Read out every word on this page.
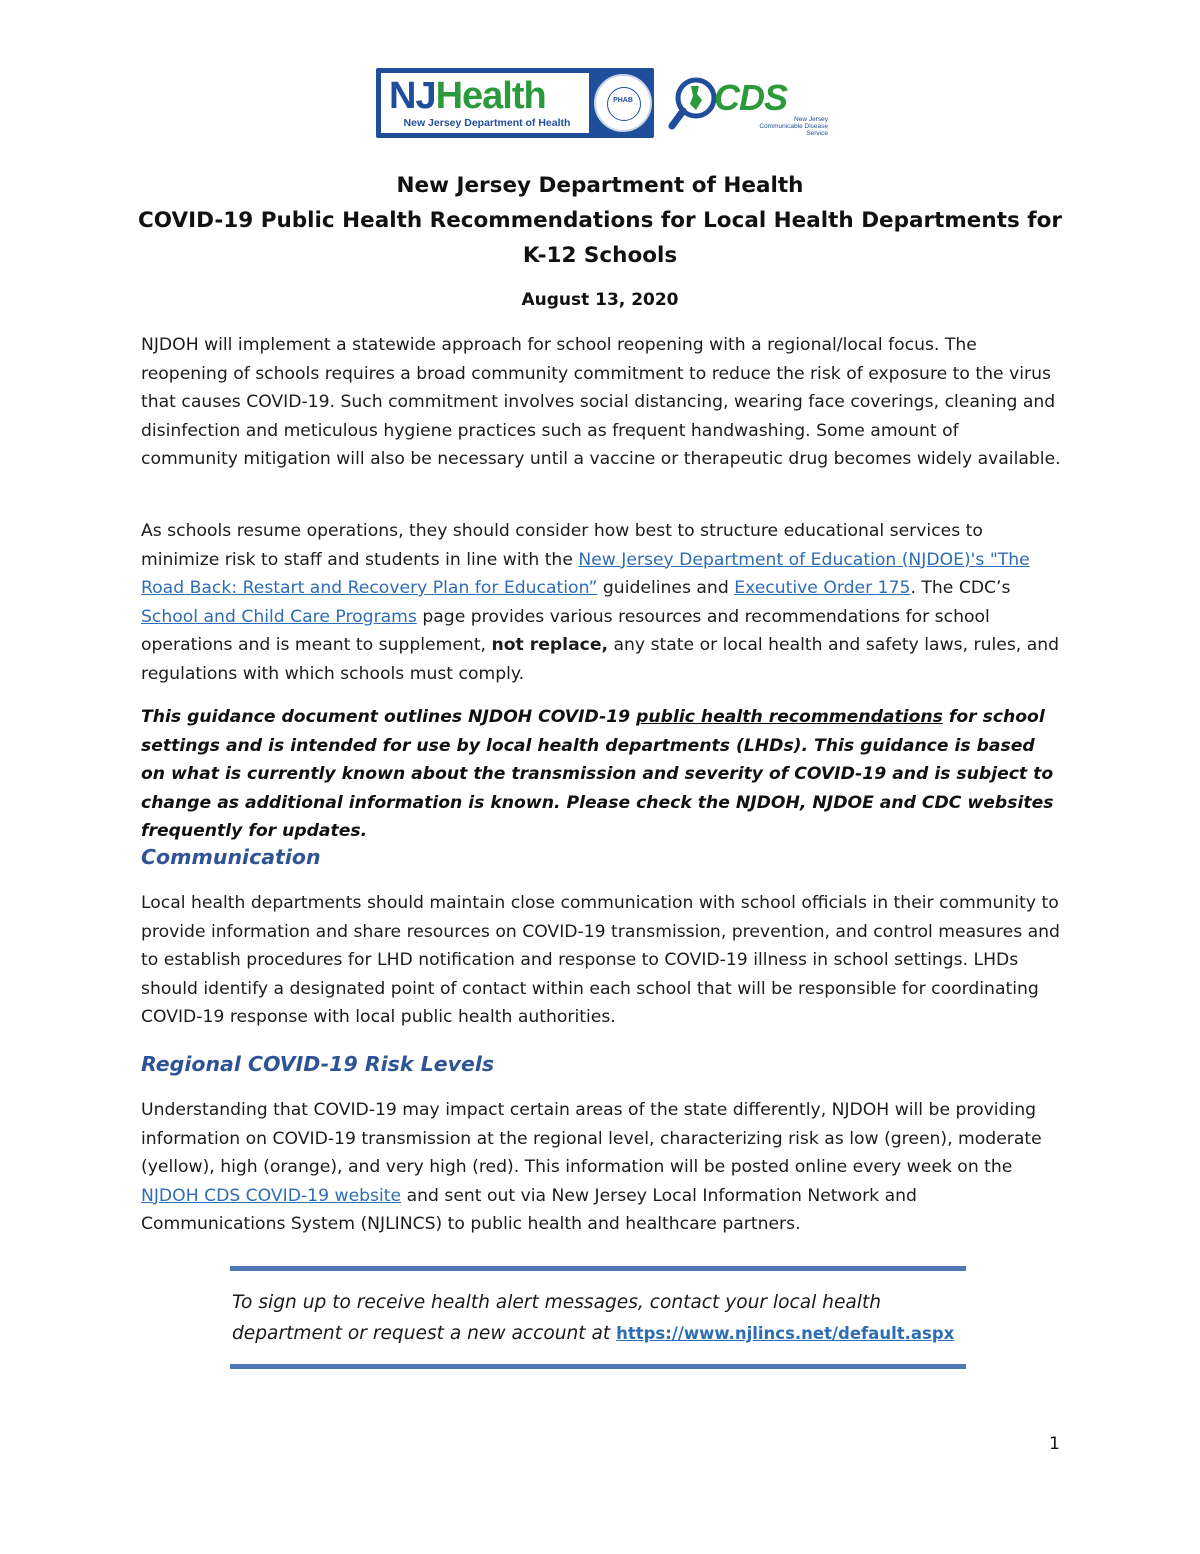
NJHealth
New Jersey Department of Health
PHAB	CDS
New Jersey
Communicable Disease Service
New Jersey Department of Health
COVID-19 Public Health Recommendations for Local Health Departments for
K-12 Schools
August 13, 2020
NJDOH will implement a statewide approach for school reopening with a regional/local focus. The reopening of schools requires a broad community commitment to reduce the risk of exposure to the virus that causes COVID-19. Such commitment involves social distancing, wearing face coverings, cleaning and disinfection and meticulous hygiene practices such as frequent handwashing. Some amount of community mitigation will also be necessary until a vaccine or therapeutic drug becomes widely available.
As schools resume operations, they should consider how best to structure educational services to minimize risk to staff and students in line with the New Jersey Department of Education (NJDOE)'s "The Road Back: Restart and Recovery Plan for Education” guidelines and Executive Order 175. The CDC’s School and Child Care Programs page provides various resources and recommendations for school operations and is meant to supplement, not replace, any state or local health and safety laws, rules, and regulations with which schools must comply.
This guidance document outlines NJDOH COVID-19 public health recommendations for school settings and is intended for use by local health departments (LHDs). This guidance is based on what is currently known about the transmission and severity of COVID-19 and is subject to change as additional information is known. Please check the NJDOH, NJDOE and CDC websites frequently for updates.
Communication
Local health departments should maintain close communication with school officials in their community to provide information and share resources on COVID-19 transmission, prevention, and control measures and to establish procedures for LHD notification and response to COVID-19 illness in school settings. LHDs should identify a designated point of contact within each school that will be responsible for coordinating COVID-19 response with local public health authorities.
Regional COVID-19 Risk Levels
Understanding that COVID-19 may impact certain areas of the state differently, NJDOH will be providing information on COVID-19 transmission at the regional level, characterizing risk as low (green), moderate (yellow), high (orange), and very high (red). This information will be posted online every week on the NJDOH CDS COVID-19 website and sent out via New Jersey Local Information Network and Communications System (NJLINCS) to public health and healthcare partners.
To sign up to receive health alert messages, contact your local health
department or request a new account at https://www.njlincs.net/default.aspx
1
